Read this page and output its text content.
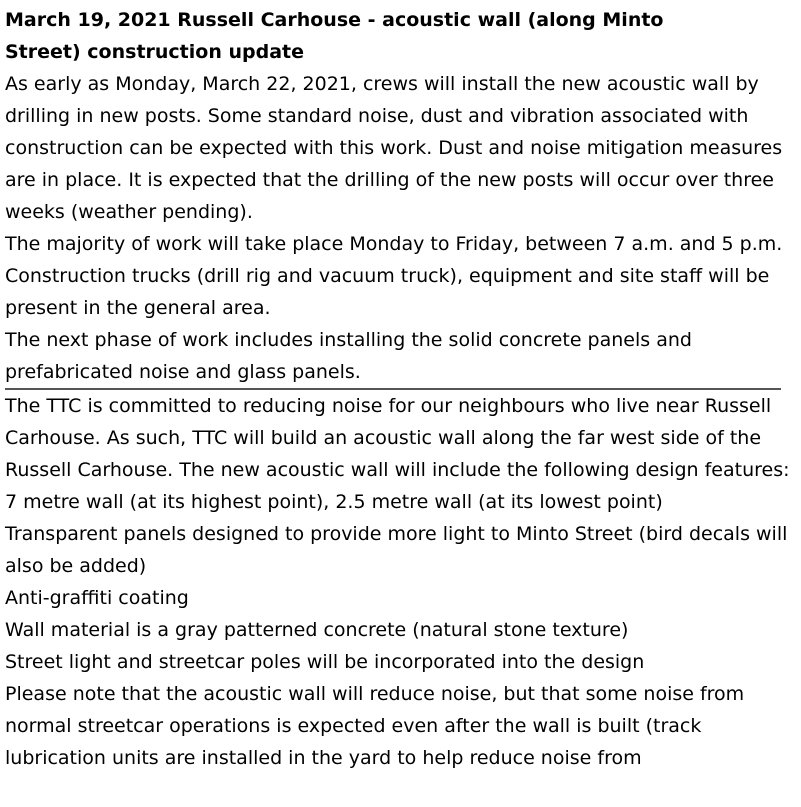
March 19, 2021 Russell Carhouse - acoustic wall (along Minto Street) construction update

As early as Monday, March 22, 2021, crews will install the new acoustic wall by drilling in new posts. Some standard noise, dust and vibration associated with construction can be expected with this work. Dust and noise mitigation measures are in place. It is expected that the drilling of the new posts will occur over three weeks (weather pending).

The majority of work will take place Monday to Friday, between 7 a.m. and 5 p.m. Construction trucks (drill rig and vacuum truck), equipment and site staff will be present in the general area.

The next phase of work includes installing the solid concrete panels and prefabricated noise and glass panels.

The TTC is committed to reducing noise for our neighbours who live near Russell Carhouse. As such, TTC will build an acoustic wall along the far west side of the Russell Carhouse. The new acoustic wall will include the following design features:

7 metre wall (at its highest point), 2.5 metre wall (at its lowest point)

Transparent panels designed to provide more light to Minto Street (bird decals will also be added)

Anti-graffiti coating

Wall material is a gray patterned concrete (natural stone texture)

Street light and streetcar poles will be incorporated into the design

Please note that the acoustic wall will reduce noise, but that some noise from normal streetcar operations is expected even after the wall is built (track lubrication units are installed in the yard to help reduce noise from
